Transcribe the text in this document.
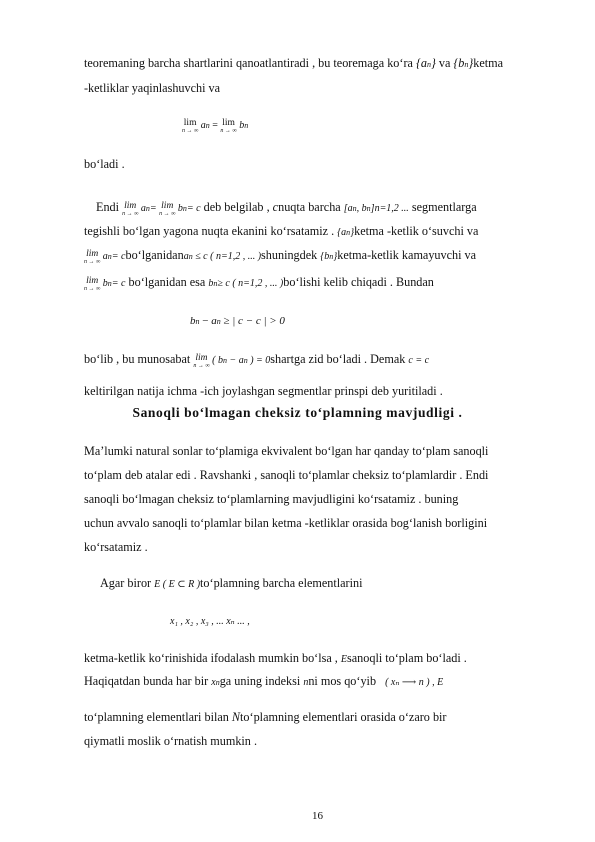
teoremaning barcha shartlarini qanoatlantiradi , bu teoremaga ko‘ra {an} va {bn}ketma
-ketliklar yaqinlashuvchi va
lim
n → ∞ an = lim
n → ∞ bn
bo‘ladi .
Endi lim
n → ∞ an= lim
n → ∞ bn= c deb belgilab , cnuqta barcha [an, bn]n=1,2 ... segmentlarga
tegishli bo‘lgan yagona nuqta ekanini ko‘rsatamiz . {an}ketma -ketlik o‘suvchi va
lim
n → ∞ an= cbo‘lganidanan ≤ c ( n=1,2 , ... )shuningdek {bn}ketma-ketlik kamayuvchi va
lim
n → ∞ bn= c bo‘lganidan esa bn≥ c ( n=1,2 , ... )bo‘lishi kelib chiqadi . Bundan
bn − an ≥ | c − c | > 0
bo‘lib , bu munosabat lim
n → ∞ ( bn − an ) = 0shartga zid bo‘ladi . Demak c = c
keltirilgan natija ichma -ich joylashgan segmentlar prinspi deb yuritiladi .
Sanoqli bo‘lmagan cheksiz to‘plamning mavjudligi .
Ma’lumki natural sonlar to‘plamiga ekvivalent bo‘lgan har qanday to‘plam sanoqli
to‘plam deb atalar edi . Ravshanki , sanoqli to‘plamlar cheksiz to‘plamlardir . Endi
sanoqli bo‘lmagan cheksiz to‘plamlarning mavjudligini ko‘rsatamiz . buning
uchun avvalo sanoqli to‘plamlar bilan ketma -ketliklar orasida bog‘lanish borligini
ko‘rsatamiz .
Agar biror E ( E ⊂ R )to‘plamning barcha elementlarini
x₁ , x₂ , x₃ , ... xₙ ... ,
ketma-ketlik ko‘rinishida ifodalash mumkin bo‘lsa , Esanoqli to‘plam bo‘ladi .
Haqiqatdan bunda har bir xnga uning indeksi nni mos qo‘yib ( xₙ ⟶ n ) , E
to‘plamning elementlari bilan Nto‘plamning elementlari orasida o‘zaro bir
qiymatli moslik o‘rnatish mumkin .
16
